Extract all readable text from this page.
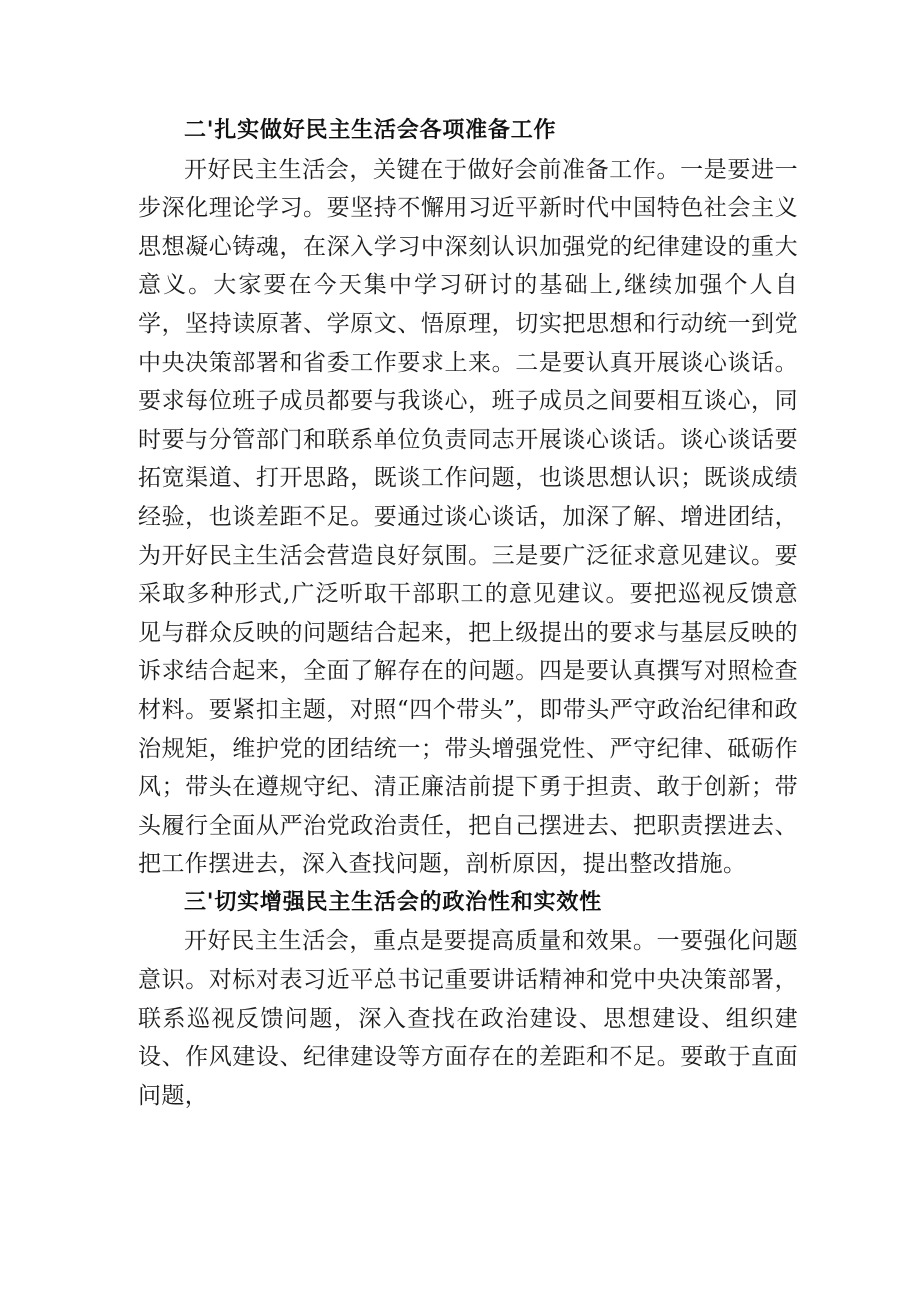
二'扎实做好民主生活会各项准备工作

开好民主生活会，关键在于做好会前准备工作。一是要进一步深化理论学习。要坚持不懈用习近平新时代中国特色社会主义思想凝心铸魂，在深入学习中深刻认识加强党的纪律建设的重大意义。大家要在今天集中学习研讨的基础上,继续加强个人自学，坚持读原著、学原文、悟原理，切实把思想和行动统一到党中央决策部署和省委工作要求上来。二是要认真开展谈心谈话。要求每位班子成员都要与我谈心，班子成员之间要相互谈心，同时要与分管部门和联系单位负责同志开展谈心谈话。谈心谈话要拓宽渠道、打开思路，既谈工作问题，也谈思想认识；既谈成绩经验，也谈差距不足。要通过谈心谈话，加深了解、增进团结，为开好民主生活会营造良好氛围。三是要广泛征求意见建议。要采取多种形式,广泛听取干部职工的意见建议。要把巡视反馈意见与群众反映的问题结合起来，把上级提出的要求与基层反映的诉求结合起来，全面了解存在的问题。四是要认真撰写对照检查材料。要紧扣主题，对照“四个带头”，即带头严守政治纪律和政治规矩，维护党的团结统一；带头增强党性、严守纪律、砥砺作风；带头在遵规守纪、清正廉洁前提下勇于担责、敢于创新；带头履行全面从严治党政治责任，把自己摆进去、把职责摆进去、把工作摆进去，深入查找问题，剖析原因，提出整改措施。

三'切实增强民主生活会的政治性和实效性

开好民主生活会，重点是要提高质量和效果。一要强化问题意识。对标对表习近平总书记重要讲话精神和党中央决策部署，联系巡视反馈问题，深入查找在政治建设、思想建设、组织建设、作风建设、纪律建设等方面存在的差距和不足。要敢于直面问题，
